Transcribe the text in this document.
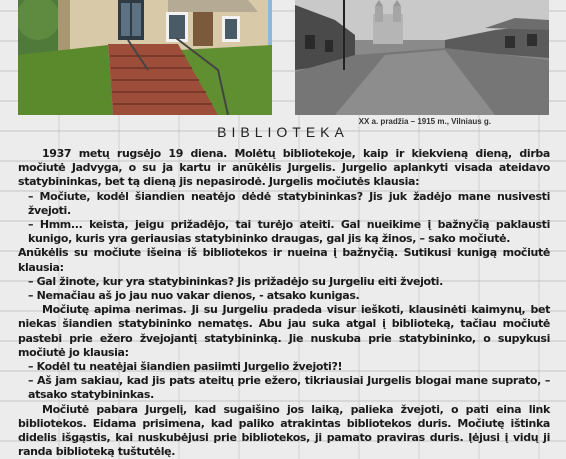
XX a. pradžia – 1915 m., Vilniaus g.
BIBLIOTEKA

1937 metų rugsėjo 19 diena. Molėtų bibliotekoje, kaip ir kiekvieną dieną, dirba močiutė Jadvyga, o su ja kartu ir anūkėlis Jurgelis. Jurgelio aplankyti visada ateidavo statybininkas, bet tą dieną jis nepasirodė. Jurgelis močiutės klausia:

– Močiute, kodėl šiandien neatėjo dėdė statybininkas? Jis juk žadėjo mane nusivesti žvejoti.

– Hmm... keista, jeigu prižadėjo, tai turėjo ateiti. Gal nueikime į bažnyčią paklausti kunigo, kuris yra geriausias statybininko draugas, gal jis ką žinos, – sako močiutė.

Anūkėlis su močiute išeina iš bibliotekos ir nueina į bažnyčią. Sutikusi kunigą močiutė klausia:

– Gal žinote, kur yra statybininkas? Jis prižadėjo su Jurgeliu eiti žvejoti.

– Nemačiau aš jo jau nuo vakar dienos, - atsako kunigas.

Močiutę apima nerimas. Ji su Jurgeliu pradeda visur ieškoti, klausinėti kaimynų, bet niekas šiandien statybininko nematęs. Abu jau suka atgal į biblioteką, tačiau močiutė pastebi prie ežero žvejojantį statybininką. Jie nuskuba prie statybininko, o supykusi močiutė jo klausia:

– Kodėl tu neatėjai šiandien pasiimti Jurgelio žvejoti?!

– Aš jam sakiau, kad jis pats ateitų prie ežero, tikriausiai Jurgelis blogai mane suprato, – atsako statybininkas.

Močiutė pabara Jurgelį, kad sugaišino jos laiką, palieka žvejoti, o pati eina link bibliotekos. Eidama prisimena, kad paliko atrakintas bibliotekos duris. Močiutę ištinka didelis išgąstis, kai nuskubėjusi prie bibliotekos, ji pamato praviras duris. Įėjusi į vidų ji randa biblioteką tuštutėlę.
